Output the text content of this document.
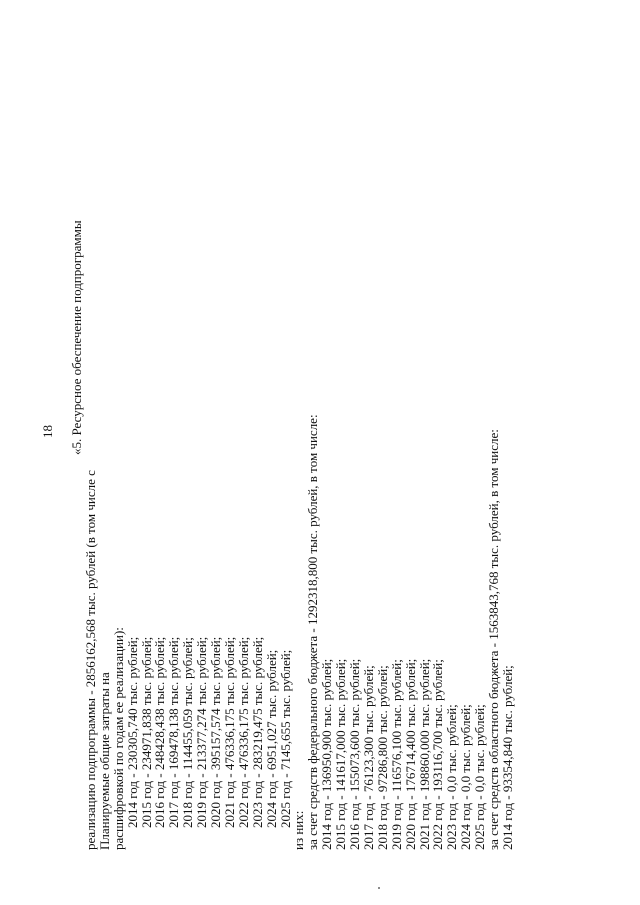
18 «5. Ресурсное обеспечение подпрограммы
реализацию подпрограммы - 2856162,568 тыс. рублей (в том числе с
Планируемые общие затраты на
расшифровкой по годам ее реализации):
2014 год - 230305,740 тыс. рублей;
2015 год - 234971,838 тыс. рублей;
2016 год - 248428,438 тыс. рублей;
2017 год - 169478,138 тыс. рублей;
2018 год - 114455,059 тыс. рублей;
2019 год - 213377,274 тыс. рублей;
2020 год - 395157,574 тыс. рублей;
2021 год - 476336,175 тыс. рублей;
2022 год - 476336,175 тыс. рублей;
2023 год - 283219,475 тыс. рублей;
2024 год - 6951,027 тыс. рублей;
2025 год - 7145,655 тыс. рублей;
из них:
за счет средств федерального бюджета - 1292318,800 тыс. рублей, в том числе:
2014 год - 136950,900 тыс. рублей;
2015 год - 141617,000 тыс. рублей;
2016 год - 155073,600 тыс. рублей;
2017 год - 76123,300 тыс. рублей;
2018 год - 97286,800 тыс. рублей;
2019 год - 116576,100 тыс. рублей;
2020 год - 176714,400 тыс. рублей;
2021 год - 198860,000 тыс. рублей;
2022 год - 193116,700 тыс. рублей;
2023 год - 0,0 тыс. рублей;
2024 год - 0,0 тыс. рублей;
2025 год - 0,0 тыс. рублей;
за счет средств областного бюджета - 1563843,768 тыс. рублей, в том числе:
2014 год - 93354,840 тыс. рублей;
